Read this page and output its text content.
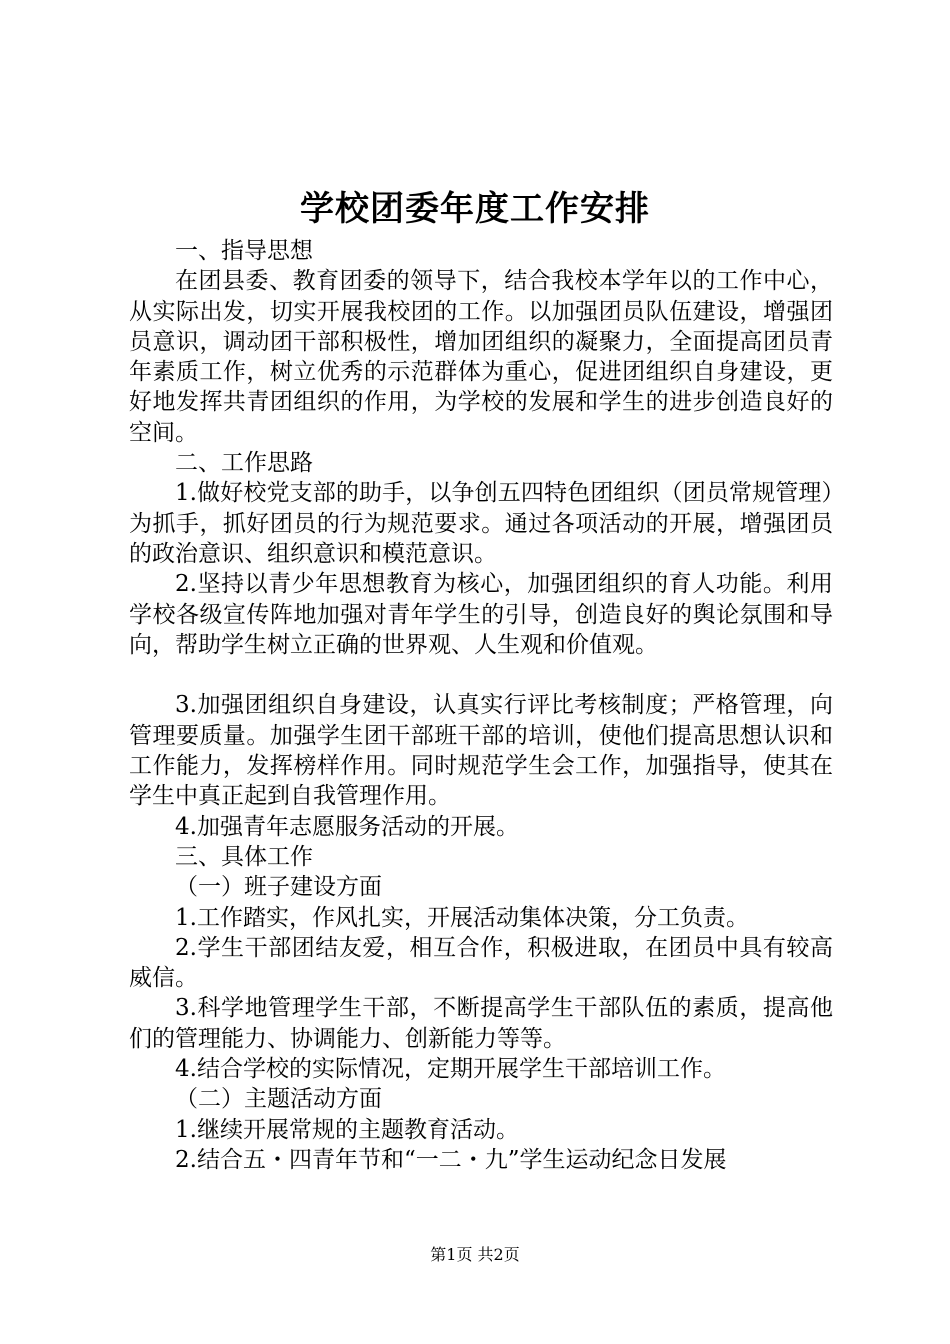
学校团委年度工作安排

一、指导思想

在团县委、教育团委的领导下，结合我校本学年以的工作中心，从实际出发，切实开展我校团的工作。以加强团员队伍建设，增强团员意识，调动团干部积极性，增加团组织的凝聚力，全面提高团员青年素质工作，树立优秀的示范群体为重心，促进团组织自身建设，更好地发挥共青团组织的作用，为学校的发展和学生的进步创造良好的空间。

二、工作思路

1.做好校党支部的助手，以争创五四特色团组织（团员常规管理）为抓手，抓好团员的行为规范要求。通过各项活动的开展，增强团员的政治意识、组织意识和模范意识。

2.坚持以青少年思想教育为核心，加强团组织的育人功能。利用学校各级宣传阵地加强对青年学生的引导，创造良好的舆论氛围和导向，帮助学生树立正确的世界观、人生观和价值观。

3.加强团组织自身建设，认真实行评比考核制度；严格管理，向管理要质量。加强学生团干部班干部的培训，使他们提高思想认识和工作能力，发挥榜样作用。同时规范学生会工作，加强指导，使其在学生中真正起到自我管理作用。

4.加强青年志愿服务活动的开展。

三、具体工作

（一）班子建设方面

1.工作踏实，作风扎实，开展活动集体决策，分工负责。

2.学生干部团结友爱，相互合作，积极进取，在团员中具有较高威信。

3.科学地管理学生干部，不断提高学生干部队伍的素质，提高他们的管理能力、协调能力、创新能力等等。

4.结合学校的实际情况，定期开展学生干部培训工作。

（二）主题活动方面

1.继续开展常规的主题教育活动。

2.结合五・四青年节和“一二・九”学生运动纪念日发展

第1页 共2页
